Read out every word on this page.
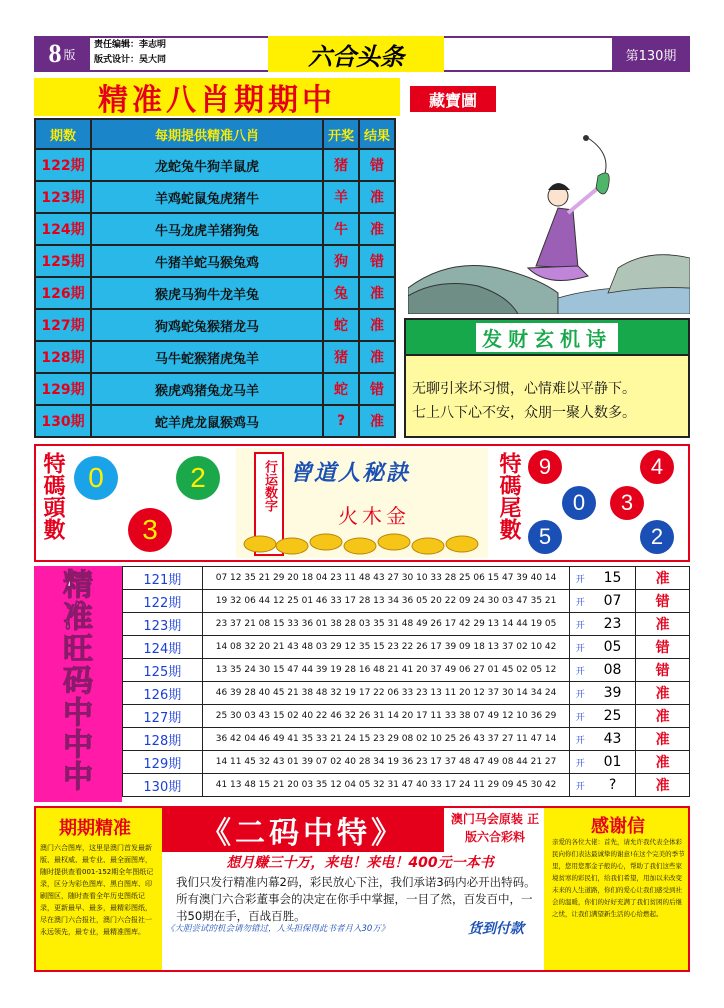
8 版
责任编辑：李志明
版式设计：吴大同	六合头条	第130期
精准八肖期期中	藏寶圖
期数	每期提供精准八肖	开奖	结果
122期	龙蛇兔牛狗羊鼠虎	猪	错
123期	羊鸡蛇鼠兔虎猪牛	羊	准
124期	牛马龙虎羊猪狗兔	牛	准
125期	牛猪羊蛇马猴兔鸡	狗	错
126期	猴虎马狗牛龙羊兔	兔	准
127期	狗鸡蛇兔猴猪龙马	蛇	准
128期	马牛蛇猴猪虎兔羊	猪	准
129期	猴虎鸡猪兔龙马羊	蛇	错
130期	蛇羊虎龙鼠猴鸡马	?	准
发财玄机诗
无聊引来坏习惯，心情难以平静下。
七上八下心不安，众朋一聚人数多。
特碼頭數 0	2
3
行运数字 曾道人秘訣
火木金	特碼尾數 9	4
0	3
5	2
精
准
旺
码
中
中
中
121期	07 12 35 21 29 20 18 04 23 11 48 43 27 30 10 33 28 25 06 15 47 39 40 14	开	15	准
122期	19 32 06 44 12 25 01 46 33 17 28 13 34 36 05 20 22 09 24 30 03 47 35 21	开	07	错
123期	23 37 21 08 15 33 36 01 38 28 03 35 31 48 49 26 17 42 29 13 14 44 19 05	开	23	准
124期	14 08 32 20 21 43 48 03 29 12 35 15 23 22 26 17 39 09 18 13 37 02 10 42	开	05	错
125期	13 35 24 30 15 47 44 39 19 28 16 48 21 41 20 37 49 06 27 01 45 02 05 12	开	08	错
126期	46 39 28 40 45 21 38 48 32 19 17 22 06 33 23 13 11 20 12 37 30 14 34 24	开	39	准
127期	25 30 03 43 15 02 40 22 46 32 26 31 14 20 17 11 33 38 07 49 12 10 36 29	开	25	准
128期	36 42 04 46 49 41 35 33 21 24 15 23 29 08 02 10 25 26 43 37 27 11 47 14	开	43	准
129期	14 11 45 32 43 01 39 07 02 40 28 34 19 36 23 17 37 48 47 49 08 44 21 27	开	01	准
130期	41 13 48 15 21 20 03 35 12 04 05 32 31 47 40 33 17 24 11 29 09 45 30 42	开	?	准
期期精准
澳门六合图库，这里是澳门首发最新版、最权威、最专业、最全面图库，随时提供查看001-152期全年图纸记录，区分为彩色图库、黑白图库、印刷图区，随时查看全年历史图纸记录，更新最早、最多，最精彩图纸，尽在澳门六合报社，澳门六合报社一永远领先，最专业，最精准图库。
《二码中特》	澳门马会原装 正版六合彩料
想月赚三十万，来电！来电！400元一本书
我们只发行精准内幕2码，彩民放心下注，我们承诺3码内必开出特码。所有澳门六合彩董事会的决定在你手中掌握，一目了然，百发百中，一书50期在手，百战百胜。
《大胆尝试的机会请勿错过，人头担保得此书者月入30万》	货到付款
感谢信
亲爱的各位大佬：首先，请允许我代表全体彩民向你们表达最诚挚的谢意!在这个完美的季节里，您用您那金子般的心，帮助了我们这些家境贫寒的彩民们，给我们希望，用加以来改变未来的人生道路，你们的爱心让我们感受到社会的温暖，你们的好好充满了我们贫困的后继之忧，让我们满望新生活的心给燃起。
